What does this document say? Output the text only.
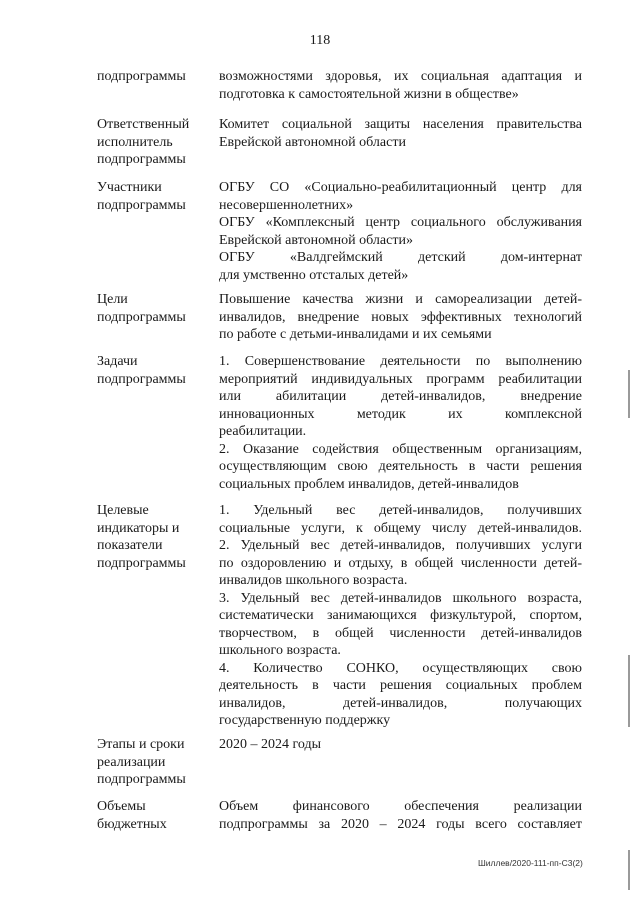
118
подпрограммы	возможностями здоровья, их социальная адаптация и
подготовка к самостоятельной жизни в обществе»
Ответственный
исполнитель
подпрограммы
Комитет социальной защиты населения правительства
Еврейской автономной области
Участники
подпрограммы
ОГБУ СО «Социально-реабилитационный центр для
несовершеннолетних»
ОГБУ «Комплексный центр социального обслуживания
Еврейской автономной области»
ОГБУ «Валдгеймский детский дом-интернат
для умственно отсталых детей»
Цели
подпрограммы
Повышение качества жизни и самореализации детей-
инвалидов, внедрение новых эффективных технологий
по работе с детьми-инвалидами и их семьями
Задачи
подпрограммы
1. Совершенствование деятельности по выполнению
мероприятий индивидуальных программ реабилитации
или абилитации детей-инвалидов, внедрение
инновационных методик их комплексной
реабилитации.
2. Оказание содействия общественным организациям,
осуществляющим свою деятельность в части решения
социальных проблем инвалидов, детей-инвалидов
Целевые
индикаторы и
показатели
подпрограммы
1. Удельный вес детей-инвалидов, получивших
социальные услуги, к общему числу детей-инвалидов.
2. Удельный вес детей-инвалидов, получивших услуги
по оздоровлению и отдыху, в общей численности детей-
инвалидов школьного возраста.
3. Удельный вес детей-инвалидов школьного возраста,
систематически занимающихся физкультурой, спортом,
творчеством, в общей численности детей-инвалидов
школьного возраста.
4. Количество СОНКО, осуществляющих свою
деятельность в части решения социальных проблем
инвалидов, детей-инвалидов, получающих
государственную поддержку
Этапы и сроки
реализации
подпрограммы
2020 – 2024 годы
Объемы
бюджетных
Объем финансового обеспечения реализации
подпрограммы за 2020 – 2024 годы всего составляет
Шиллев/2020-111-пп-С3(2)
